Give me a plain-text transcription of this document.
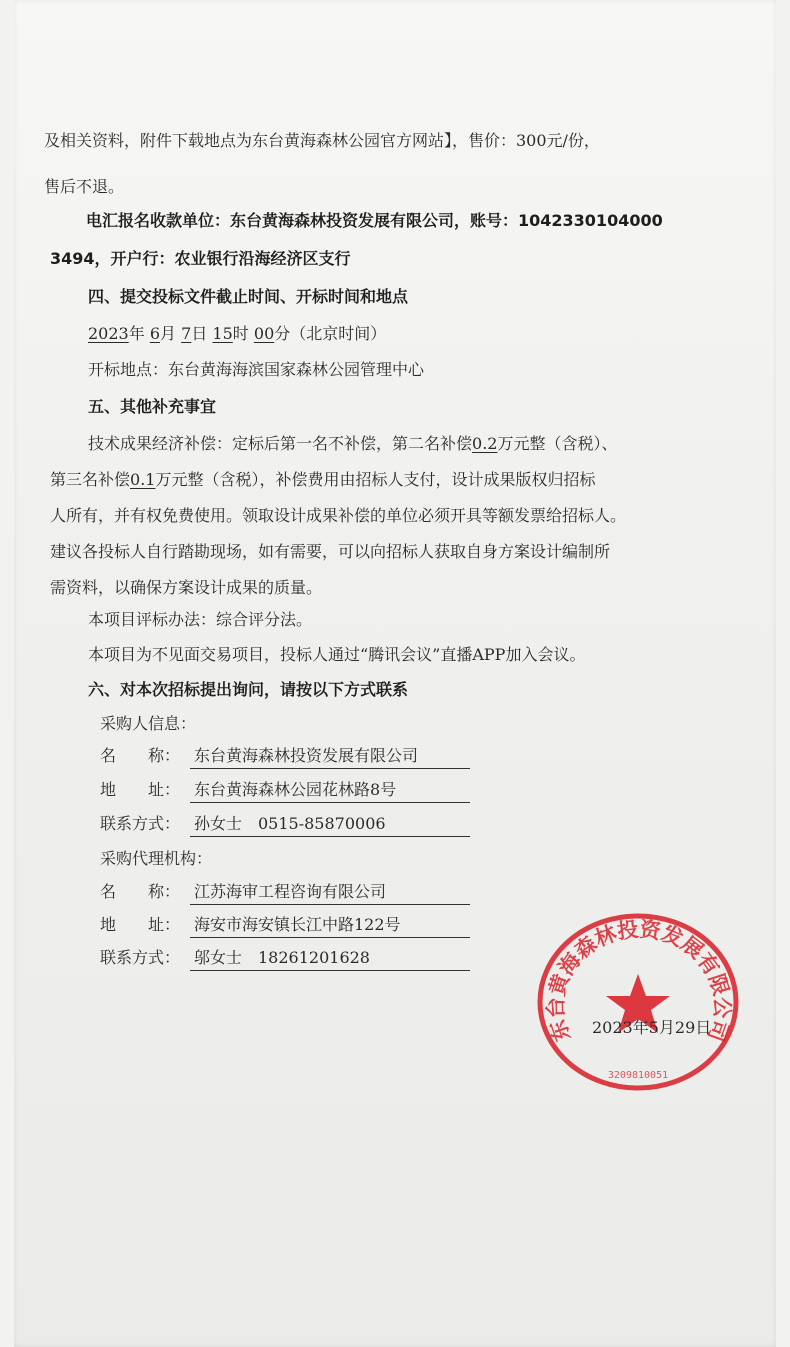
及相关资料，附件下载地点为东台黄海森林公园官方网站】，售价：300元/份，
售后不退。
电汇报名收款单位：东台黄海森林投资发展有限公司，账号：1042330104000
3494，开户行：农业银行沿海经济区支行
四、提交投标文件截止时间、开标时间和地点
2023年 6月 7日 15时 00分（北京时间）
开标地点：东台黄海海滨国家森林公园管理中心
五、其他补充事宜
技术成果经济补偿：定标后第一名不补偿，第二名补偿0.2万元整（含税）、
第三名补偿0.1万元整（含税），补偿费用由招标人支付，设计成果版权归招标
人所有，并有权免费使用。领取设计成果补偿的单位必须开具等额发票给招标人。
建议各投标人自行踏勘现场，如有需要，可以向招标人获取自身方案设计编制所
需资料，以确保方案设计成果的质量。
本项目评标办法：综合评分法。
本项目为不见面交易项目，投标人通过“腾讯会议”直播APP加入会议。
六、对本次招标提出询问，请按以下方式联系
采购人信息：
名　　称： 东台黄海森林投资发展有限公司
地　　址： 东台黄海森林公园花林路8号
联系方式： 孙女士　0515-85870006
采购代理机构：
名　　称： 江苏海审工程咨询有限公司
地　　址： 海安市海安镇长江中路122号
联系方式： 邬女士　18261201628
东台黄海森林投资发展有限公司
3209810051
2023年5月29日
